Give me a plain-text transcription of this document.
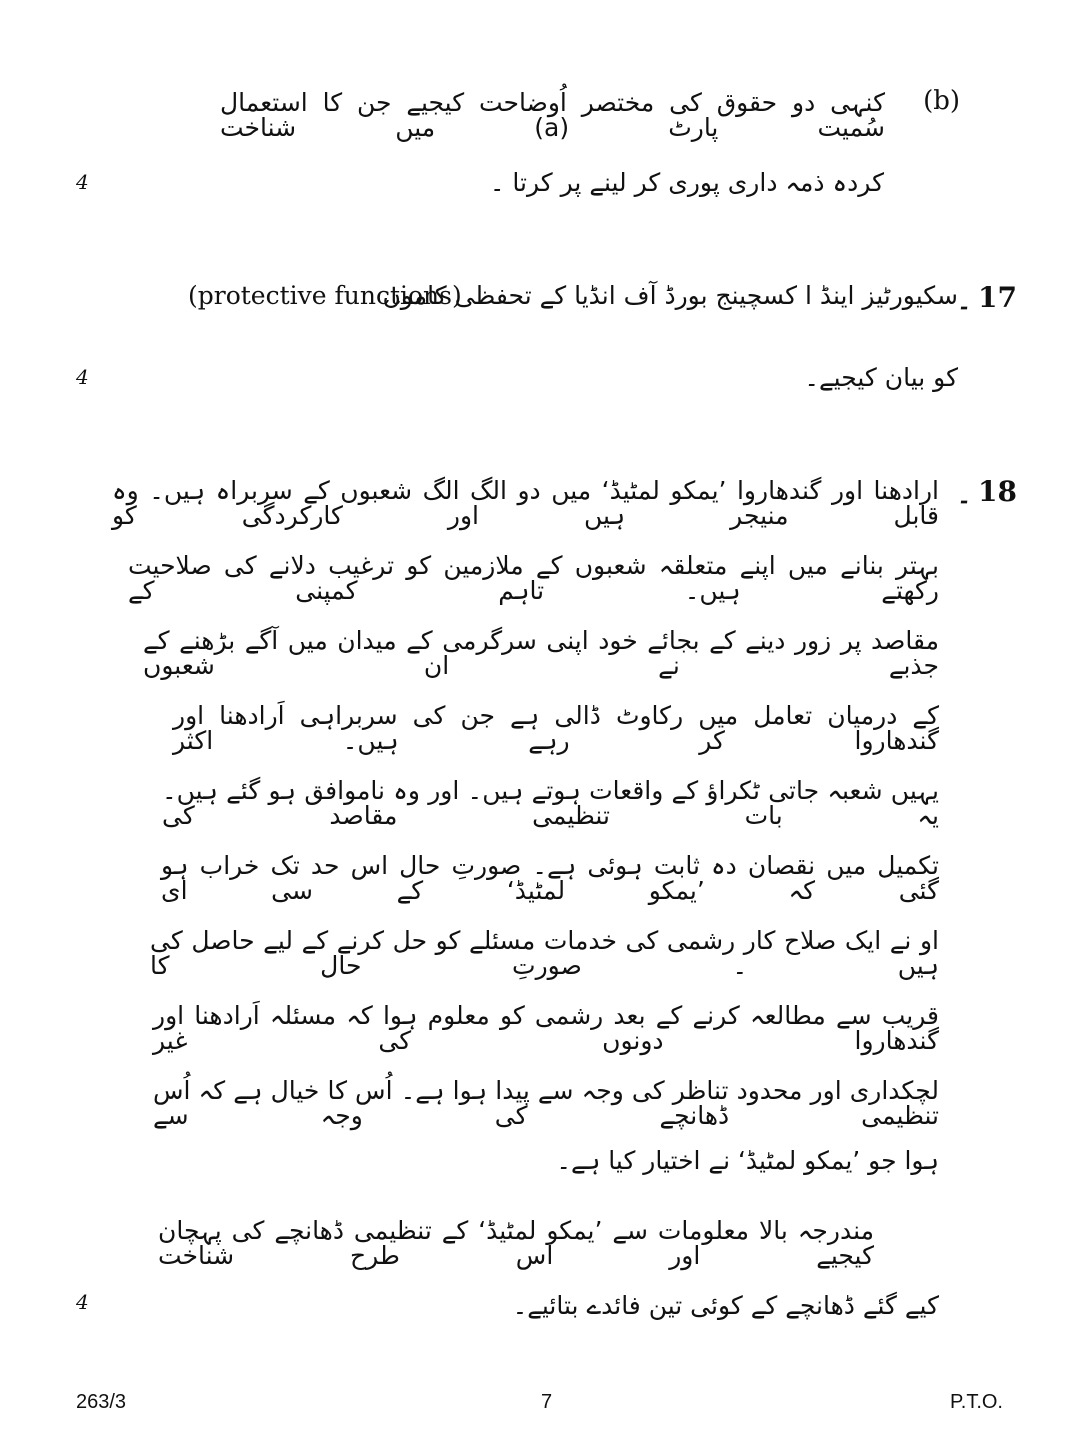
(b)
کنہی دو حقوق کی مختصر اُوضاحت کیجیے جن کا استعمال سُمیت پارٹ (a) میں شناخت
کردہ ذمہ داری پوری کر لینے پر کرتا ۔
4
17
۔
سکیورٹیز اینڈ ا کسچینج بورڈ آف انڈیا کے تحفظی کاموں
(protective functions)
کو بیان کیجیے۔
4
18
۔
ارادھنا اور گندھاروا ’یمکو لمٹیڈ‘ میں دو الگ الگ شعبوں کے سربراہ ہیں۔ وہ قابل منیجر ہیں اور کارکردگی کو
بہتر بنانے میں اپنے متعلقہ شعبوں کے ملازمین کو ترغیب دلانے کی صلاحیت رکھتے ہیں۔ تاہم کمپنی کے
مقاصد پر زور دینے کے بجائے خود اپنی سرگرمی کے میدان میں آگے بڑھنے کے جذبے نے ان شعبوں
کے درمیان تعامل میں رکاوٹ ڈالی ہے جن کی سربراہی اَرادھنا اور گندھاروا کر رہے ہیں۔ اکثر
یہیں شعبہ جاتی ٹکراؤ کے واقعات ہوتے ہیں۔ اور وہ ناموافق ہو گئے ہیں۔ یہ بات تنظیمی مقاصد کی
تکمیل میں نقصان دہ ثابت ہوئی ہے۔ صورتِ حال اس حد تک خراب ہو گئی کہ ’یمکو لمٹیڈ‘ کے سی ای
او نے ایک صلاح کار رشمی کی خدمات مسئلے کو حل کرنے کے لیے حاصل کی ہیں ۔ صورتِ حال کا
قریب سے مطالعہ کرنے کے بعد رشمی کو معلوم ہوا کہ مسئلہ اَرادھنا اور گندھاروا دونوں کی غیر
لچکداری اور محدود تناظر کی وجہ سے پیدا ہوا ہے۔ اُس کا خیال ہے کہ اُس تنظیمی ڈھانچے کی وجہ سے
ہوا جو ’یمکو لمٹیڈ‘ نے اختیار کیا ہے۔
مندرجہ بالا معلومات سے ’یمکو لمٹیڈ‘ کے تنظیمی ڈھانچے کی پہچان کیجیے اور اس طرح شناخت
کیے گئے ڈھانچے کے کوئی تین فائدے بتائیے۔
4
263/3	7	P.T.O.
